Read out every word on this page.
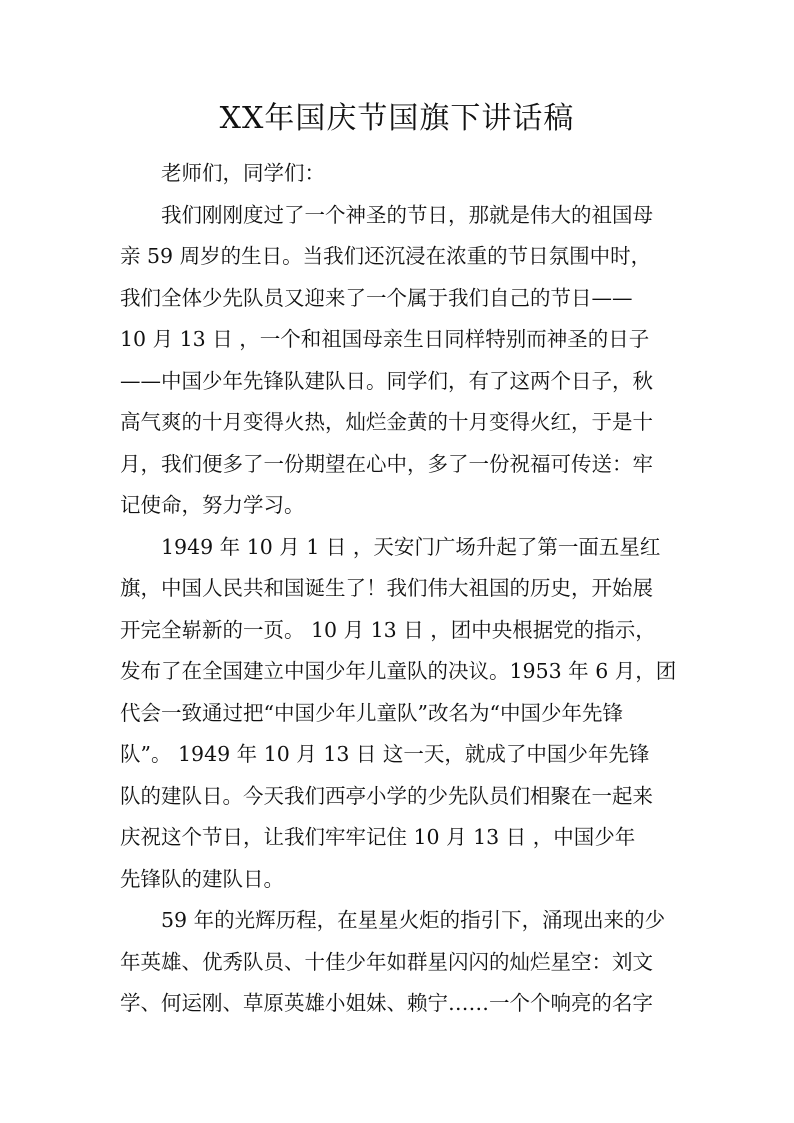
XX年国庆节国旗下讲话稿
老师们，同学们：
我们刚刚度过了一个神圣的节日，那就是伟大的祖国母
亲 59 周岁的生日。当我们还沉浸在浓重的节日氛围中时，
我们全体少先队员又迎来了一个属于我们自己的节日——
10 月 13 日 ，一个和祖国母亲生日同样特别而神圣的日子
——中国少年先锋队建队日。同学们，有了这两个日子，秋
高气爽的十月变得火热，灿烂金黄的十月变得火红，于是十
月，我们便多了一份期望在心中，多了一份祝福可传送：牢
记使命，努力学习。
1949 年 10 月 1 日 ，天安门广场升起了第一面五星红
旗，中国人民共和国诞生了！我们伟大祖国的历史，开始展
开完全崭新的一页。 10 月 13 日 ，团中央根据党的指示，
发布了在全国建立中国少年儿童队的决议。1953 年 6 月，团
代会一致通过把“中国少年儿童队”改名为“中国少年先锋
队”。 1949 年 10 月 13 日 这一天，就成了中国少年先锋
队的建队日。今天我们西亭小学的少先队员们相聚在一起来
庆祝这个节日，让我们牢牢记住 10 月 13 日 ，中国少年
先锋队的建队日。
59 年的光辉历程，在星星火炬的指引下，涌现出来的少
年英雄、优秀队员、十佳少年如群星闪闪的灿烂星空：刘文
学、何运刚、草原英雄小姐妹、赖宁……一个个响亮的名字
